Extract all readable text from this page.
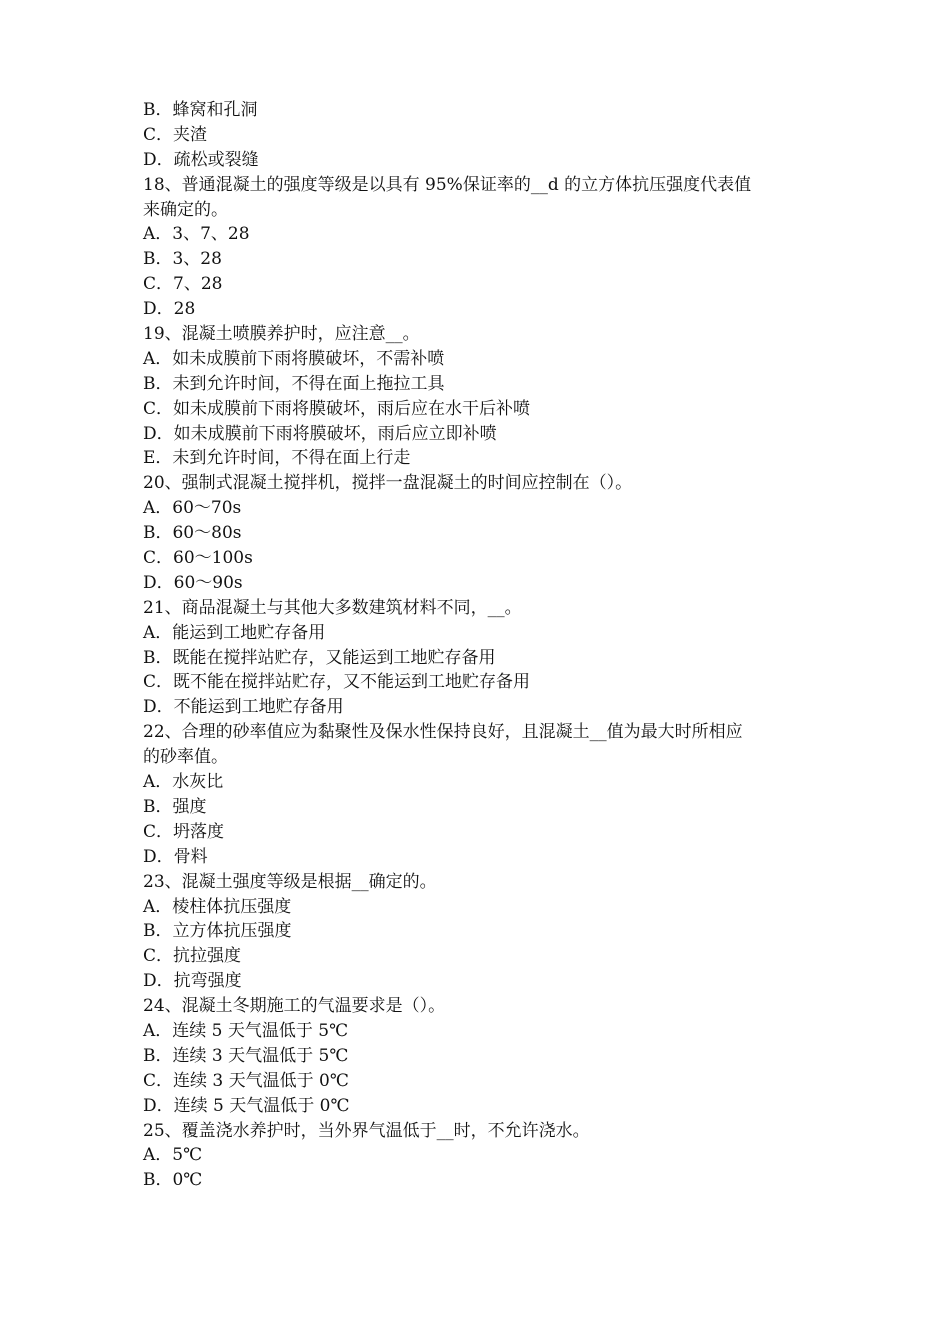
B．蜂窝和孔洞
C．夹渣
D．疏松或裂缝
18、普通混凝土的强度等级是以具有 95%保证率的__d 的立方体抗压强度代表值
来确定的。
A．3、7、28
B．3、28
C．7、28
D．28
19、混凝土喷膜养护时，应注意__。
A．如未成膜前下雨将膜破坏，不需补喷
B．未到允许时间，不得在面上拖拉工具
C．如未成膜前下雨将膜破坏，雨后应在水干后补喷
D．如未成膜前下雨将膜破坏，雨后应立即补喷
E．未到允许时间，不得在面上行走
20、强制式混凝土搅拌机，搅拌一盘混凝土的时间应控制在（）。
A．60～70s
B．60～80s
C．60～100s
D．60～90s
21、商品混凝土与其他大多数建筑材料不同，__。
A．能运到工地贮存备用
B．既能在搅拌站贮存，又能运到工地贮存备用
C．既不能在搅拌站贮存，又不能运到工地贮存备用
D．不能运到工地贮存备用
22、合理的砂率值应为黏聚性及保水性保持良好，且混凝土__值为最大时所相应
的砂率值。
A．水灰比
B．强度
C．坍落度
D．骨料
23、混凝土强度等级是根据__确定的。
A．棱柱体抗压强度
B．立方体抗压强度
C．抗拉强度
D．抗弯强度
24、混凝土冬期施工的气温要求是（）。
A．连续 5 天气温低于 5℃
B．连续 3 天气温低于 5℃
C．连续 3 天气温低于 0℃
D．连续 5 天气温低于 0℃
25、覆盖浇水养护时，当外界气温低于__时，不允许浇水。
A．5℃
B．0℃
